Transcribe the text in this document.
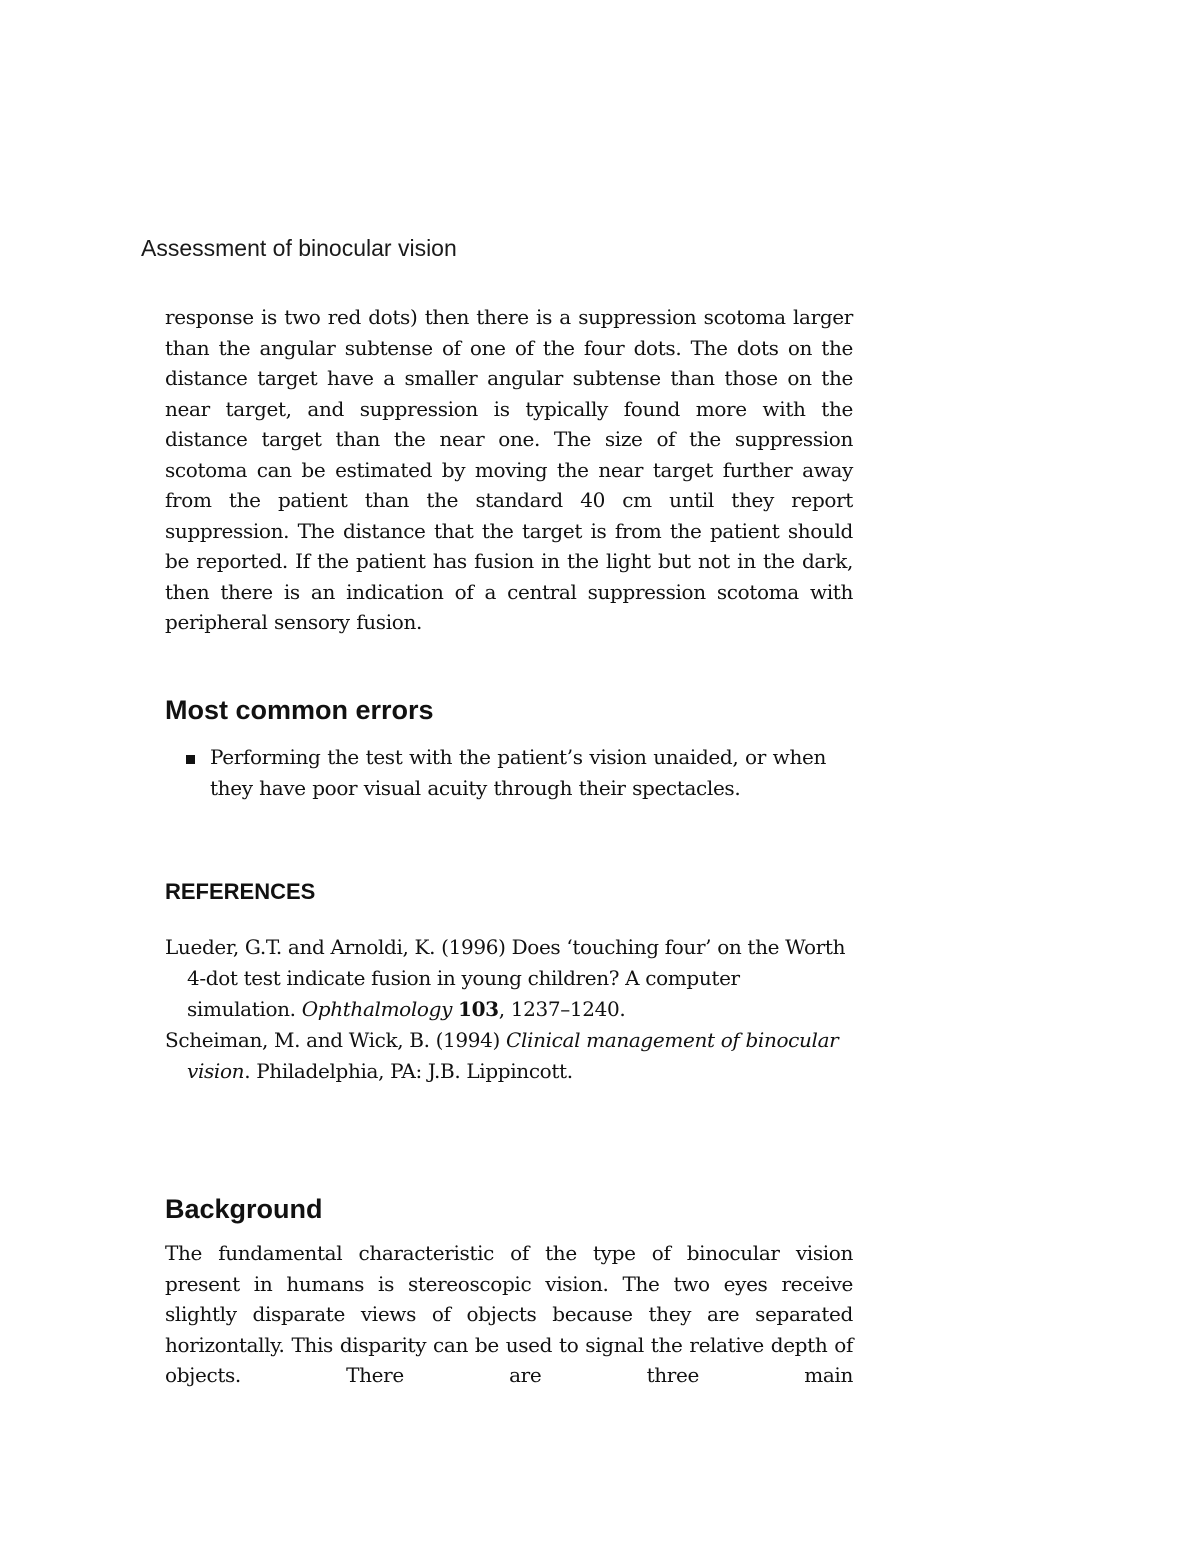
Assessment of binocular vision

response is two red dots) then there is a suppression scotoma larger than the angular subtense of one of the four dots. The dots on the distance target have a smaller angular subtense than those on the near target, and suppression is typically found more with the distance target than the near one. The size of the suppression scotoma can be estimated by moving the near target further away from the patient than the standard 40 cm until they report suppression. The distance that the target is from the patient should be reported. If the patient has fusion in the light but not in the dark, then there is an indication of a central suppression scotoma with peripheral sensory fusion.

Most common errors

Performing the test with the patient’s vision unaided, or when they have poor visual acuity through their spectacles.

REFERENCES

Lueder, G.T. and Arnoldi, K. (1996) Does ‘touching four’ on the Worth 4-dot test indicate fusion in young children? A computer simulation. Ophthalmology 103, 1237–1240.

Scheiman, M. and Wick, B. (1994) Clinical management of binocular vision. Philadelphia, PA: J.B. Lippincott.

Background

The fundamental characteristic of the type of binocular vision present in humans is stereoscopic vision. The two eyes receive slightly disparate views of objects because they are separated horizontally. This disparity can be used to signal the relative depth of objects. There are three main
